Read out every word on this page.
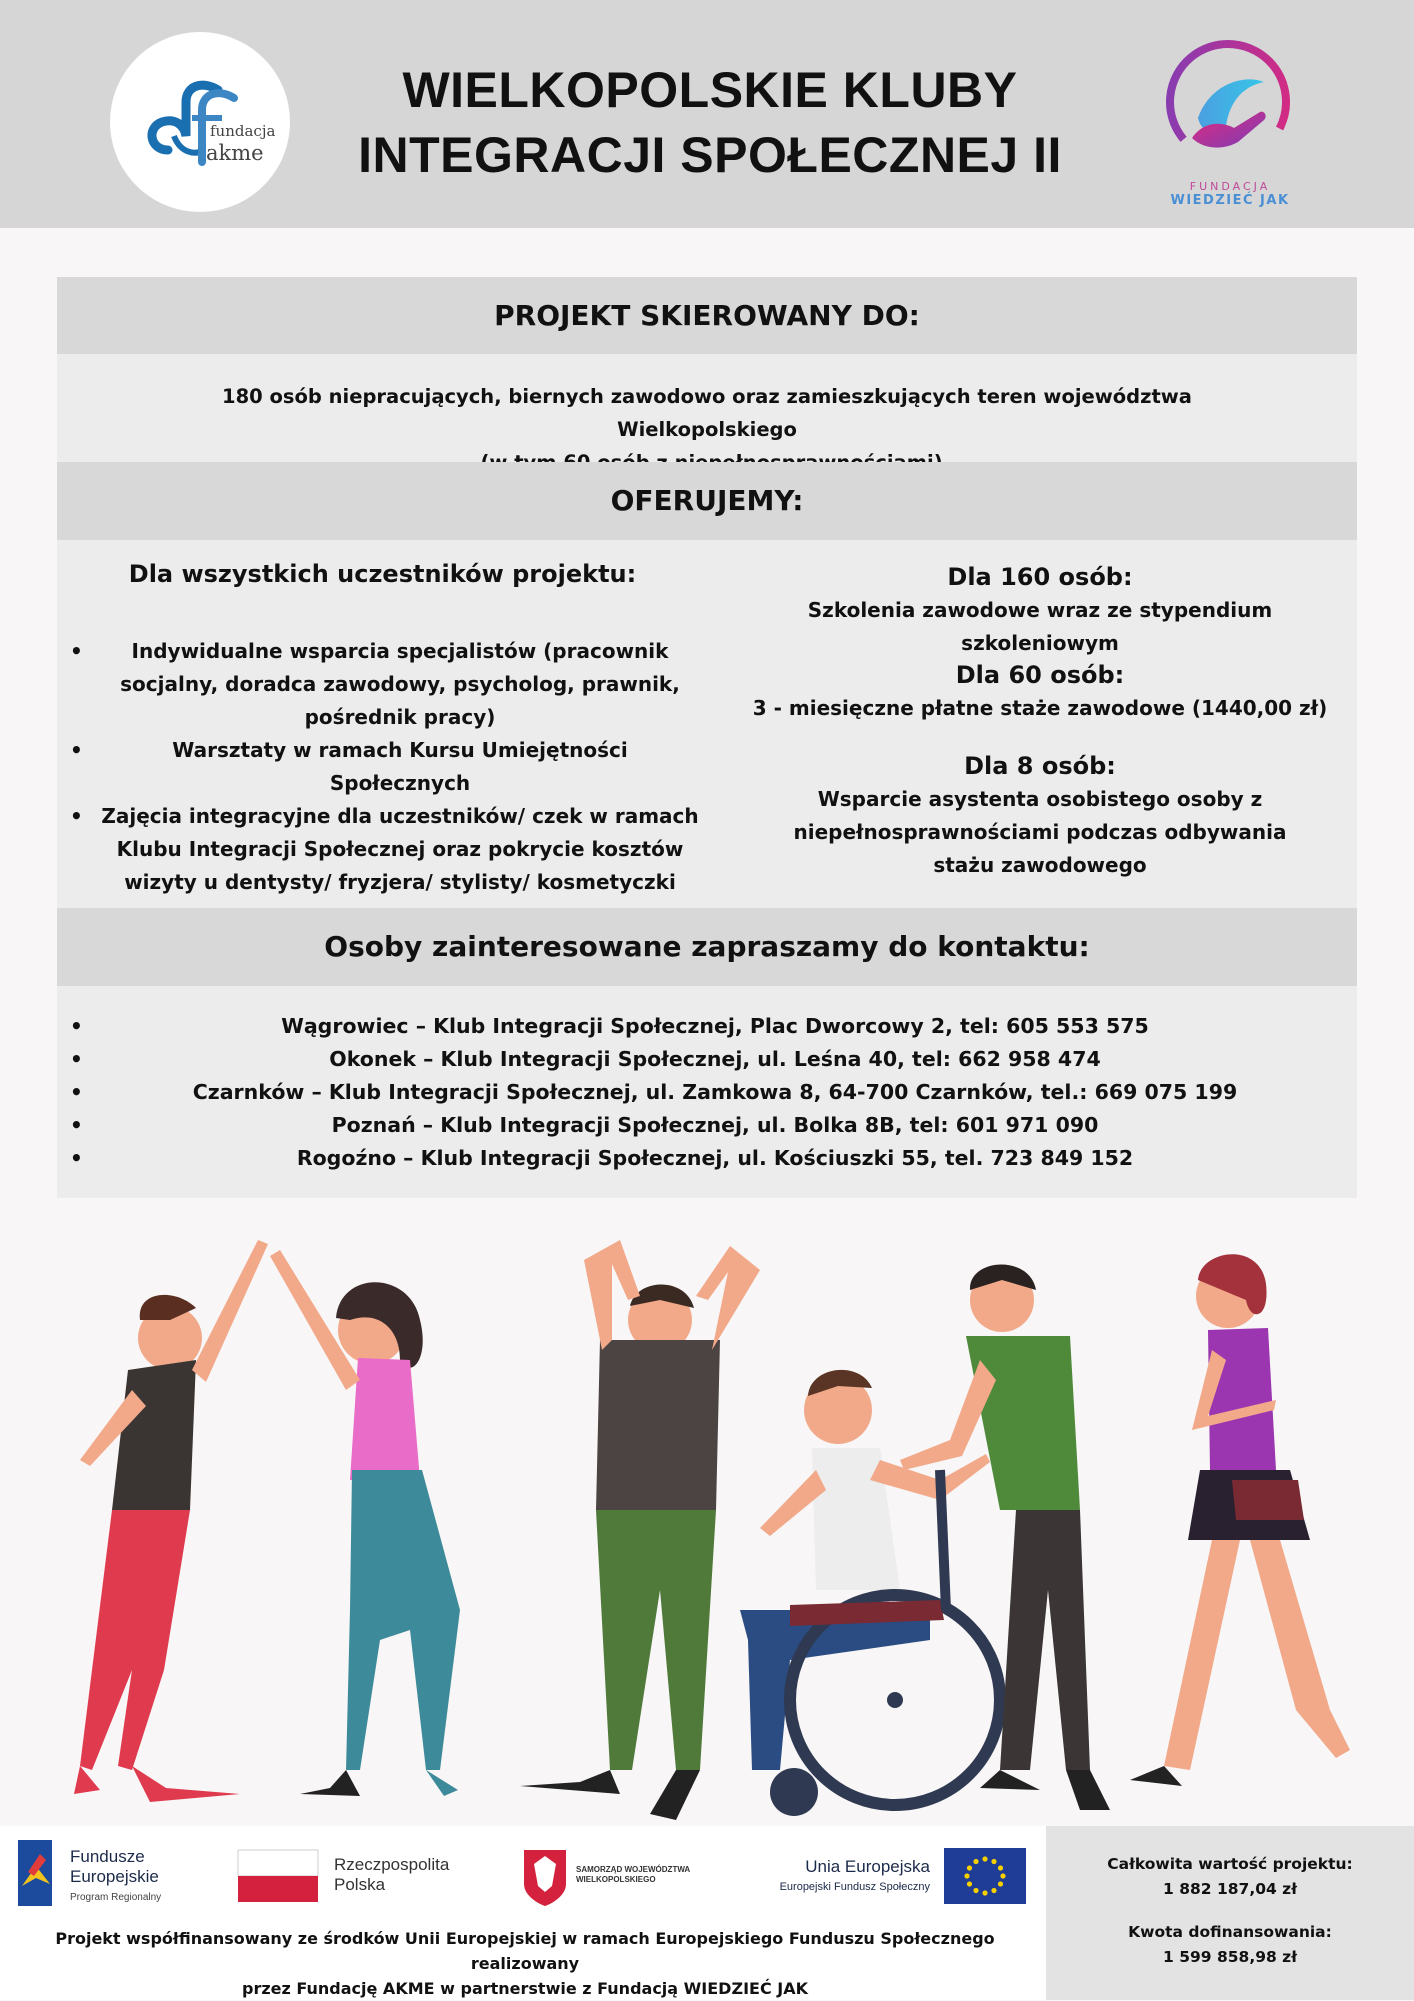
fundacja
akme
WIELKOPOLSKIE KLUBY
INTEGRACJI SPOŁECZNEJ II
FUNDACJA
WIEDZIEĆ JAK
PROJEKT SKIEROWANY DO:
180 osób niepracujących, biernych zawodowo oraz zamieszkujących teren województwa Wielkopolskiego
OFERUJEMY:
Dla wszystkich uczestników projektu:
• Indywidualne wsparcia specjalistów (pracownik socjalny, doradca zawodowy, psycholog, prawnik, pośrednik pracy)
•	Warsztaty w ramach Kursu Umiejętności Społecznych
• Zajęcia integracyjne dla uczestników/ czek w ramach Klubu Integracji Społecznej oraz pokrycie kosztów wizyty u dentysty/ fryzjera/ stylisty/ kosmetyczki
Dla 160 osób:
Szkolenia zawodowe wraz ze stypendium szkoleniowym
Dla 60 osób:
3 - miesięczne płatne staże zawodowe (1440,00 zł)
Dla 8 osób:
Wsparcie asystenta osobistego osoby z niepełnosprawnościami podczas odbywania stażu zawodowego
Osoby zainteresowane zapraszamy do kontaktu:
•	Wągrowiec – Klub Integracji Społecznej, Plac Dworcowy 2, tel: 605 553 575
•	Okonek – Klub Integracji Społecznej, ul. Leśna 40, tel: 662 958 474
•	Czarnków – Klub Integracji Społecznej, ul. Zamkowa 8, 64-700 Czarnków, tel.: 669 075 199
•	Poznań – Klub Integracji Społecznej, ul. Bolka 8B, tel: 601 971 090
•	Rogoźno – Klub Integracji Społecznej, ul. Kościuszki 55, tel. 723 849 152
Fundusze
Europejskie
Program Regionalny
Rzeczpospolita
Polska
SAMORZĄD WOJEWÓDZTWA
WIELKOPOLSKIEGO
Unia Europejska
Europejski Fundusz Społeczny
Projekt współfinansowany ze środków Unii Europejskiej w ramach Europejskiego Funduszu Społecznego realizowany
przez Fundację AKME w partnerstwie z Fundacją WIEDZIEĆ JAK
Całkowita wartość projektu:
1 882 187,04 zł
Kwota dofinansowania:
1 599 858,98 zł
